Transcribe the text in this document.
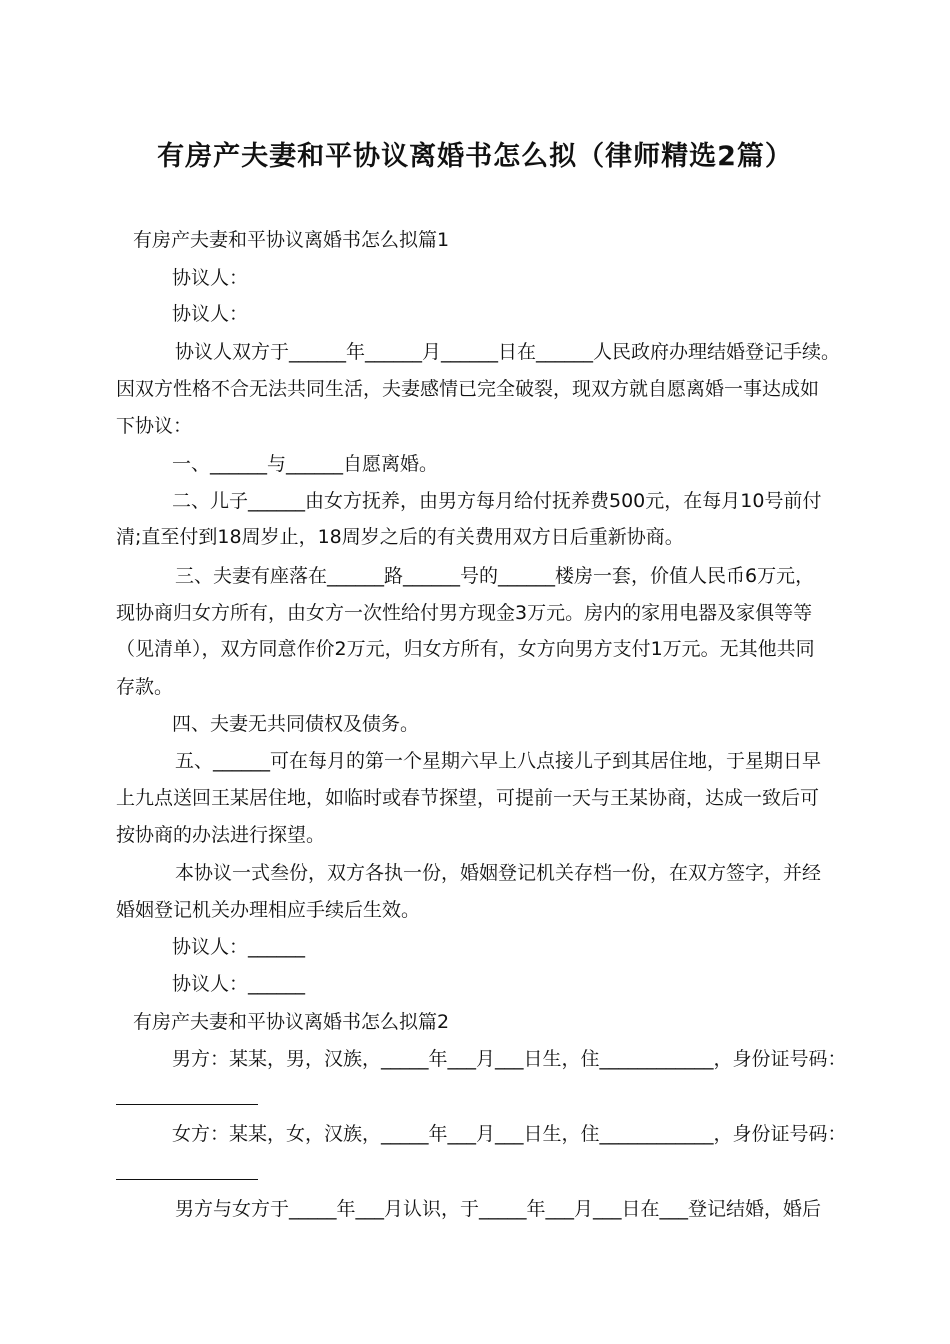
有房产夫妻和平协议离婚书怎么拟（律师精选2篇）
有房产夫妻和平协议离婚书怎么拟篇1
协议人：
协议人：
协议人双方于______年______月______日在______人民政府办理结婚登记手续。
因双方性格不合无法共同生活，夫妻感情已完全破裂，现双方就自愿离婚一事达成如
下协议：
一、______与______自愿离婚。
二、儿子______由女方抚养，由男方每月给付抚养费500元，在每月10号前付
清;直至付到18周岁止，18周岁之后的有关费用双方日后重新协商。
三、夫妻有座落在______路______号的______楼房一套，价值人民币6万元，
现协商归女方所有，由女方一次性给付男方现金3万元。房内的家用电器及家俱等等
（见清单），双方同意作价2万元，归女方所有，女方向男方支付1万元。无其他共同
存款。
四、夫妻无共同债权及债务。
五、______可在每月的第一个星期六早上八点接儿子到其居住地，于星期日早
上九点送回王某居住地，如临时或春节探望，可提前一天与王某协商，达成一致后可
按协商的办法进行探望。
本协议一式叁份，双方各执一份，婚姻登记机关存档一份，在双方签字，并经
婚姻登记机关办理相应手续后生效。
协议人：______
协议人：______
有房产夫妻和平协议离婚书怎么拟篇2
男方：某某，男，汉族，_____年___月___日生，住____________，身份证号码：
女方：某某，女，汉族，_____年___月___日生，住____________，身份证号码：
男方与女方于_____年___月认识，于_____年___月___日在___登记结婚，婚后
